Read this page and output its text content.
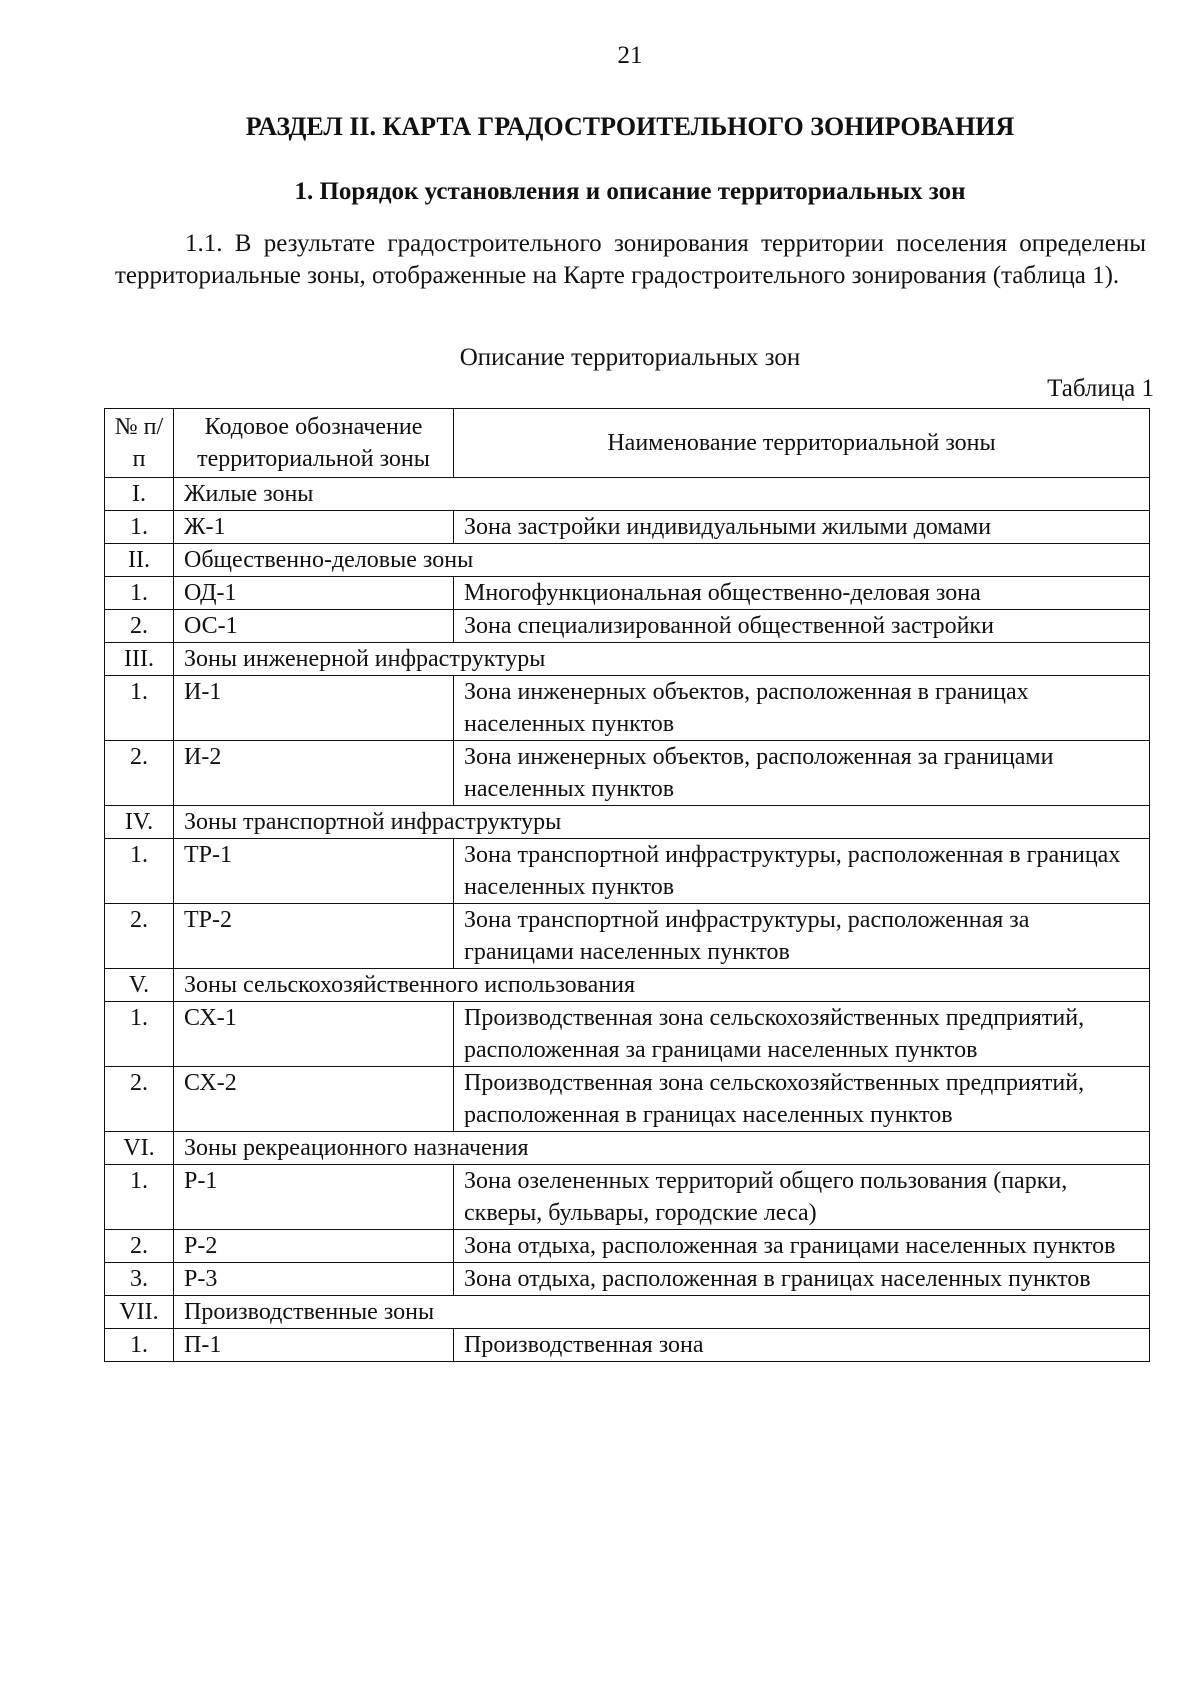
21
РАЗДЕЛ II. КАРТА ГРАДОСТРОИТЕЛЬНОГО ЗОНИРОВАНИЯ
1. Порядок установления и описание территориальных зон

1.1. В результате градостроительного зонирования территории поселения определены территориальные зоны, отображенные на Карте градостроительного зонирования (таблица 1).

Описание территориальных зон
Таблица 1
№ п/п	Кодовое обозначение территориальной зоны	Наименование территориальной зоны
I.	Жилые зоны	
1.	Ж-1	Зона застройки индивидуальными жилыми домами
II.	Общественно-деловые зоны	
1.	ОД-1	Многофункциональная общественно-деловая зона
2.	ОС-1	Зона специализированной общественной застройки
III.	Зоны инженерной инфраструктуры	
1.	И-1	Зона инженерных объектов, расположенная в границах населенных пунктов
2.	И-2	Зона инженерных объектов, расположенная за границами населенных пунктов
IV.	Зоны транспортной инфраструктуры	
1.	ТР-1	Зона транспортной инфраструктуры, расположенная в границах населенных пунктов
2.	ТР-2	Зона транспортной инфраструктуры, расположенная за границами населенных пунктов
V.	Зоны сельскохозяйственного использования	
1.	СХ-1	Производственная зона сельскохозяйственных предприятий, расположенная за границами населенных пунктов
2.	СХ-2	Производственная зона сельскохозяйственных предприятий, расположенная в границах населенных пунктов
VI.	Зоны рекреационного назначения	
1.	Р-1	Зона озелененных территорий общего пользования (парки, скверы, бульвары, городские леса)
2.	Р-2	Зона отдыха, расположенная за границами населенных пунктов
3.	Р-3	Зона отдыха, расположенная в границах населенных пунктов
VII.	Производственные зоны	
1.	П-1	Производственная зона
